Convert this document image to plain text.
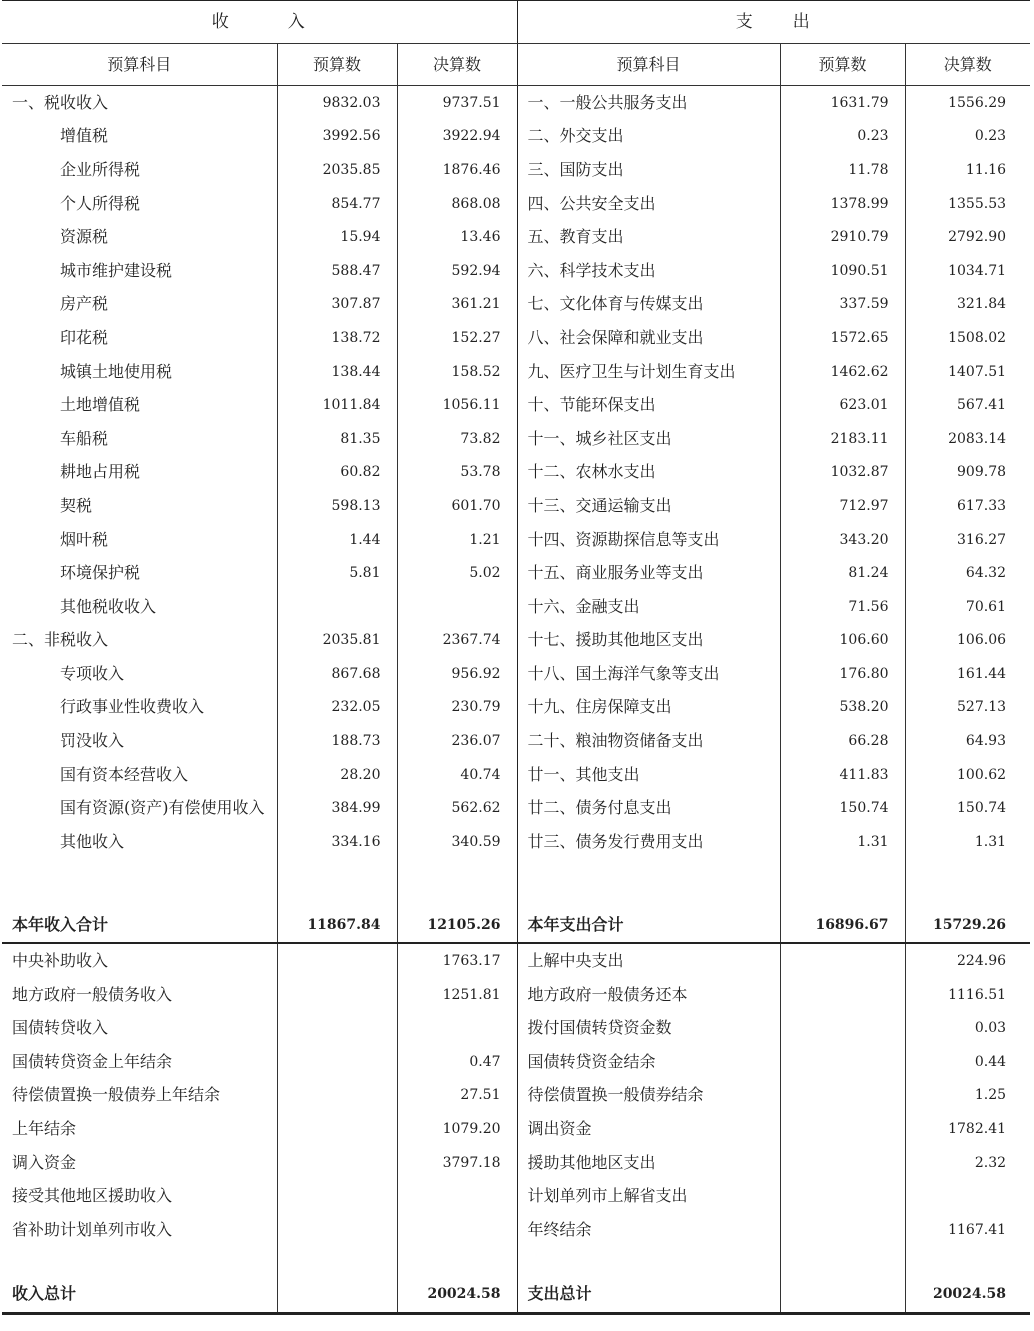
收　　　入			支　　出		
预算科目	预算数	决算数	预算科目	预算数	决算数
一、税收收入	9832.03	9737.51	一、一般公共服务支出	1631.79	1556.29
增值税	3992.56	3922.94	二、外交支出	0.23	0.23
企业所得税	2035.85	1876.46	三、国防支出	11.78	11.16
个人所得税	854.77	868.08	四、公共安全支出	1378.99	1355.53
资源税	15.94	13.46	五、教育支出	2910.79	2792.90
城市维护建设税	588.47	592.94	六、科学技术支出	1090.51	1034.71
房产税	307.87	361.21	七、文化体育与传媒支出	337.59	321.84
印花税	138.72	152.27	八、社会保障和就业支出	1572.65	1508.02
城镇土地使用税	138.44	158.52	九、医疗卫生与计划生育支出	1462.62	1407.51
土地增值税	1011.84	1056.11	十、节能环保支出	623.01	567.41
车船税	81.35	73.82	十一、城乡社区支出	2183.11	2083.14
耕地占用税	60.82	53.78	十二、农林水支出	1032.87	909.78
契税	598.13	601.70	十三、交通运输支出	712.97	617.33
烟叶税	1.44	1.21	十四、资源勘探信息等支出	343.20	316.27
环境保护税	5.81	5.02	十五、商业服务业等支出	81.24	64.32
其他税收收入			十六、金融支出	71.56	70.61
二、非税收入	2035.81	2367.74	十七、援助其他地区支出	106.60	106.06
专项收入	867.68	956.92	十八、国土海洋气象等支出	176.80	161.44
行政事业性收费收入	232.05	230.79	十九、住房保障支出	538.20	527.13
罚没收入	188.73	236.07	二十、粮油物资储备支出	66.28	64.93
国有资本经营收入	28.20	40.74	廿一、其他支出	411.83	100.62
国有资源(资产)有偿使用收入	384.99	562.62	廿二、债务付息支出	150.74	150.74
其他收入	334.16	340.59	廿三、债务发行费用支出	1.31	1.31

本年收入合计	11867.84	12105.26	本年支出合计	16896.67	15729.26
中央补助收入		1763.17	上解中央支出		224.96
地方政府一般债务收入		1251.81	地方政府一般债务还本		1116.51
国债转贷收入			拨付国债转贷资金数		0.03
国债转贷资金上年结余		0.47	国债转贷资金结余		0.44
待偿债置换一般债券上年结余		27.51	待偿债置换一般债券结余		1.25
上年结余		1079.20	调出资金		1782.41
调入资金		3797.18	援助其他地区支出		2.32
接受其他地区援助收入			计划单列市上解省支出		
省补助计划单列市收入			年终结余		1167.41

收入总计		20024.58	支出总计		20024.58
